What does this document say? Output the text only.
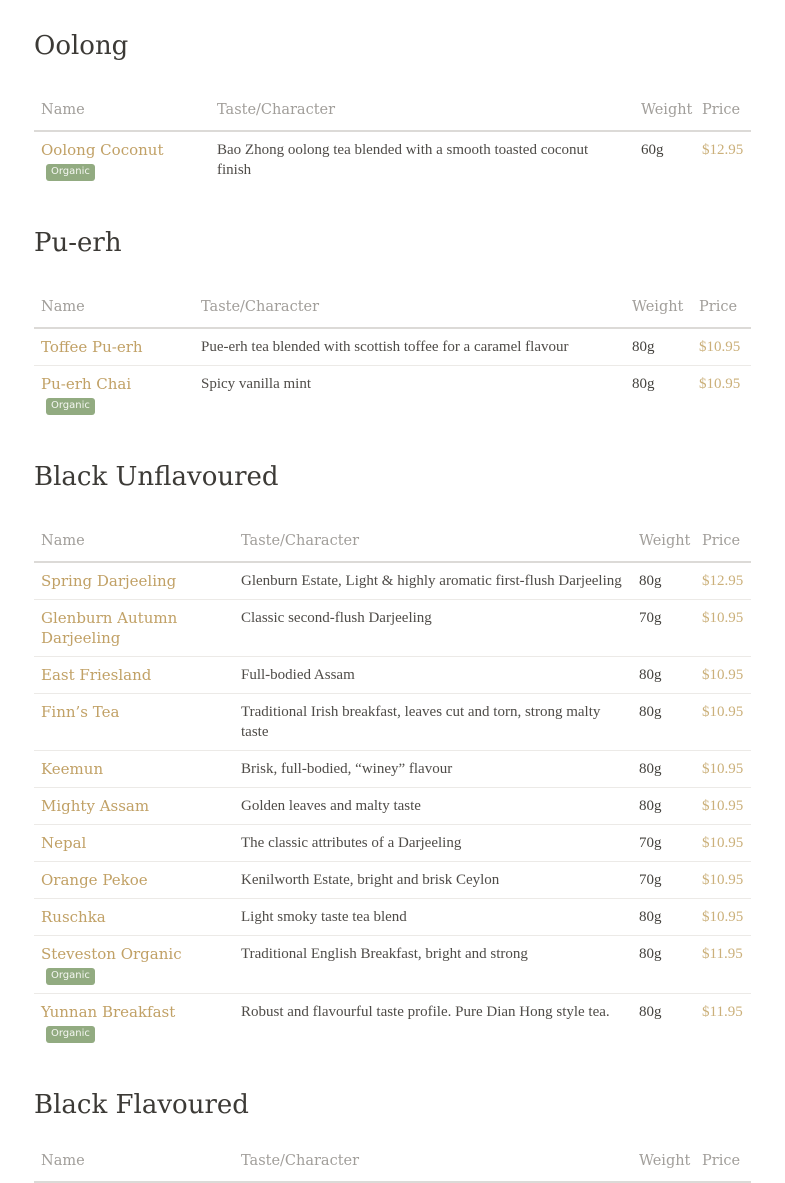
Oolong
Name	Taste/Character	Weight	Price
Oolong CoconutOrganic	Bao Zhong oolong tea blended with a smooth toasted coconut finish	60g	$12.95
Pu-erh
Name	Taste/Character	Weight	Price
Toffee Pu-erh	Pue-erh tea blended with scottish toffee for a caramel flavour	80g	$10.95
Pu-erh ChaiOrganic	Spicy vanilla mint	80g	$10.95
Black Unflavoured
Name	Taste/Character	Weight	Price
Spring Darjeeling	Glenburn Estate, Light & highly aromatic first-flush Darjeeling	80g	$12.95
Glenburn Autumn Darjeeling	Classic second-flush Darjeeling	70g	$10.95
East Friesland	Full-bodied Assam	80g	$10.95
Finn’s Tea	Traditional Irish breakfast, leaves cut and torn, strong malty taste	80g	$10.95
Keemun	Brisk, full-bodied, “winey” flavour	80g	$10.95
Mighty Assam	Golden leaves and malty taste	80g	$10.95
Nepal	The classic attributes of a Darjeeling	70g	$10.95
Orange Pekoe	Kenilworth Estate, bright and brisk Ceylon	70g	$10.95
Ruschka	Light smoky taste tea blend	80g	$10.95
Steveston OrganicOrganic	Traditional English Breakfast, bright and strong	80g	$11.95
Yunnan BreakfastOrganic	Robust and flavourful taste profile. Pure Dian Hong style tea.	80g	$11.95
Black Flavoured
Name	Taste/Character	Weight	Price
